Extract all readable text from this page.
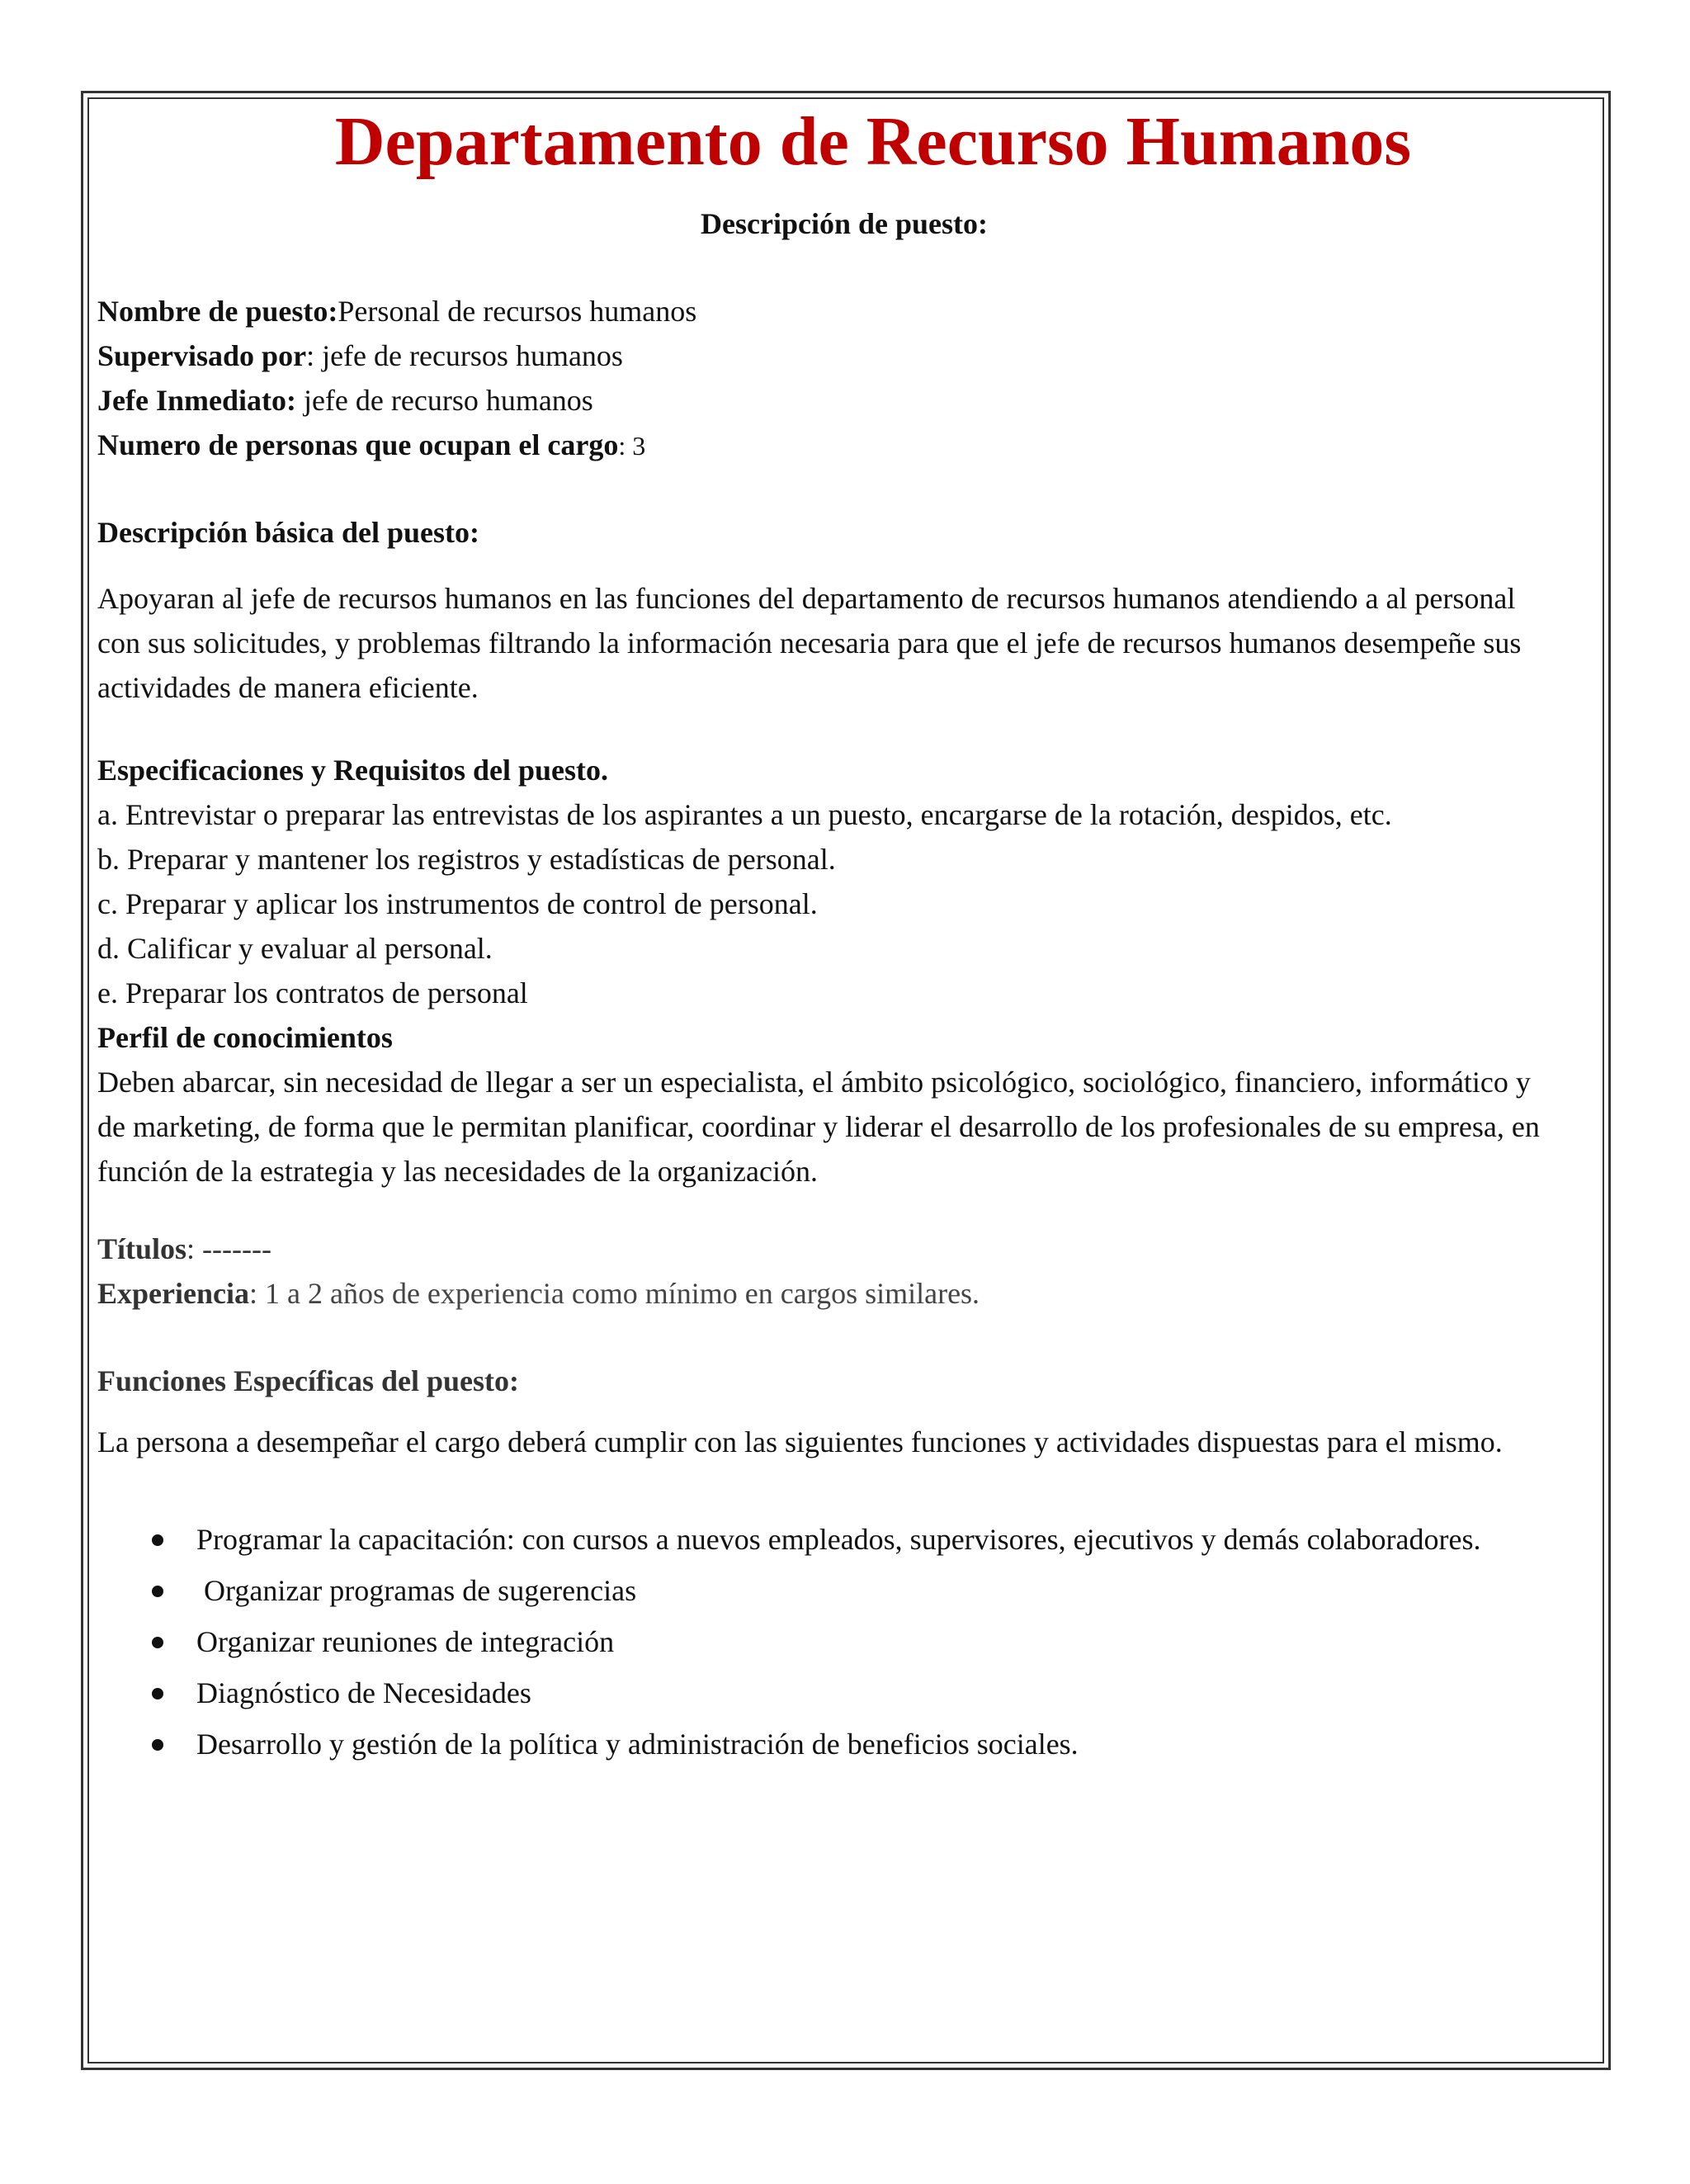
Departamento de Recurso Humanos
Descripción de puesto:

Nombre de puesto:Personal de recursos humanos

Supervisado por: jefe de recursos humanos

Jefe Inmediato: jefe de recurso humanos

Numero de personas que ocupan el cargo: 3

Descripción básica del puesto:

Apoyaran al jefe de recursos humanos en las funciones del departamento de recursos humanos atendiendo a al personal con sus solicitudes, y problemas filtrando la información necesaria para que el jefe de recursos humanos desempeñe sus actividades de manera eficiente.

Especificaciones y Requisitos del puesto.

a. Entrevistar o preparar las entrevistas de los aspirantes a un puesto, encargarse de la rotación, despidos, etc.

b. Preparar y mantener los registros y estadísticas de personal.

c. Preparar y aplicar los instrumentos de control de personal.

d. Calificar y evaluar al personal.

e. Preparar los contratos de personal

Perfil de conocimientos

Deben abarcar, sin necesidad de llegar a ser un especialista, el ámbito psicológico, sociológico, financiero, informático y de marketing, de forma que le permitan planificar, coordinar y liderar el desarrollo de los profesionales de su empresa, en función de la estrategia y las necesidades de la organización.

Títulos: -------

Experiencia: 1 a 2 años de experiencia como mínimo en cargos similares.

Funciones Específicas del puesto:

La persona a desempeñar el cargo deberá cumplir con las siguientes funciones y actividades dispuestas para el mismo.

Programar la capacitación: con cursos a nuevos empleados, supervisores, ejecutivos y demás colaboradores.
Organizar programas de sugerencias
Organizar reuniones de integración
Diagnóstico de Necesidades
Desarrollo y gestión de la política y administración de beneficios sociales.
